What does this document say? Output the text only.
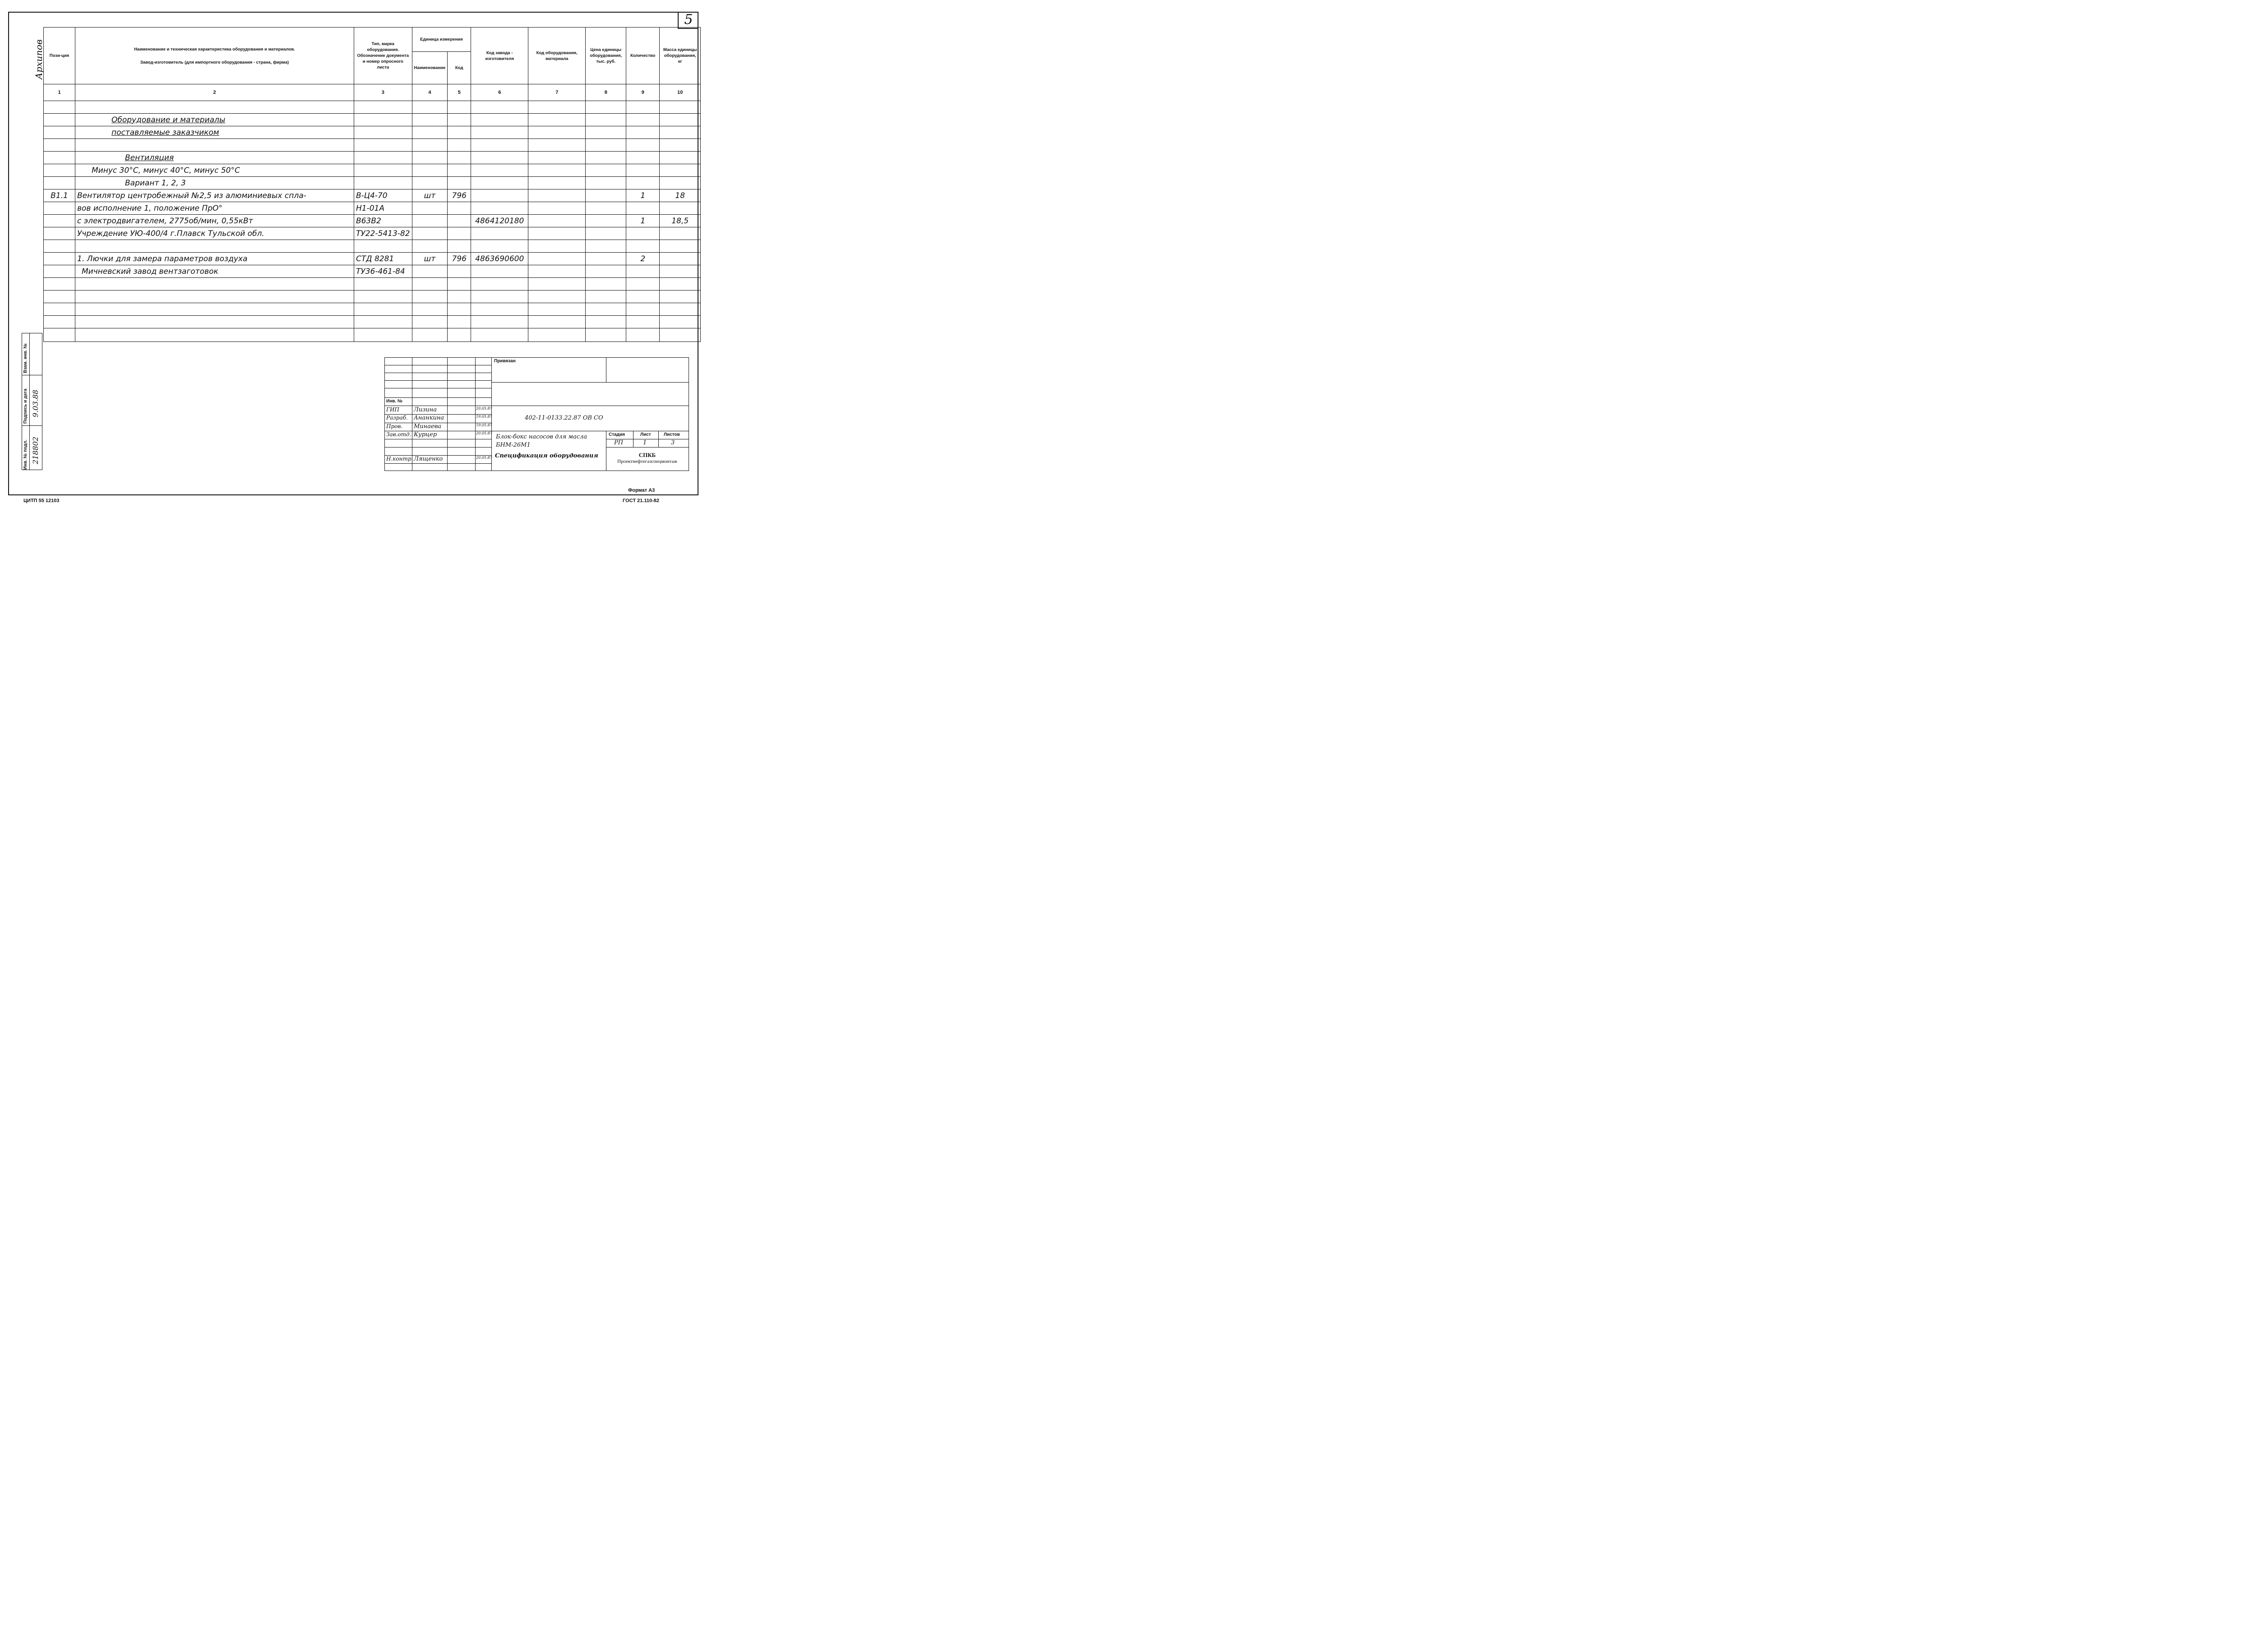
5
Архипов Пози-ция	Наименование и техническая характеристика оборудования и материалов.
Завод-изготовитель (для импортного оборудования - страна, фирма)	Тип, марка оборудования. Обозначение документа и номер опросного листа	Единица измерения		Код завода - изготовителя	Код оборудования, материала	Цена единицы оборудования, тыс. руб.	Количество	Масса единицы оборудования, кг
			Наименование	Код					
1	2	3	4	5	6	7	8	9	10

	Оборудование и материалы								
	поставляемые заказчиком								

	Вентиляция								
	Минус 30°С, минус 40°С, минус 50°С								
	Вариант 1, 2, 3								
В1.1	Вентилятор центробежный №2,5 из алюминиевых спла-	В-Ц4-70	шт	796				1	18
	вов исполнение 1, положение ПрО°	Н1-01А							
	с электродвигателем, 2775об/мин, 0,55кВт	В63В2			4864120180			1	18,5
	Учреждение УЮ-400/4 г.Плавск Тульской обл.	ТУ22-5413-82							

	1. Лючки для замера параметров воздуха	СТД 8281	шт	796	4863690600			2	
	Мичневский завод вентзаготовок	ТУ36-461-84							

Инв. № подл. 218802
Подпись и дата 9.03.88
Взам. инв. №	Привязан
Инв. №
ГИП Лизина	20.05.87
Разраб. Ананкина	19.05.87
Пров. Минаева	19.05.87
Зав.отд. Курцер	20.05.87
Н.контр. Лященко	20.05.87
402-11-0133.22.87 ОВ СО
Блок-бокс насосов для масла БНМ-26М1
Спецификация оборудования
Стадия	Лист	Листов
РП	1	3
СПКБ
Проектнефтегазспецмонтаж
Формат А3
ЦИТП 55 12103	ГОСТ 21.110-82
